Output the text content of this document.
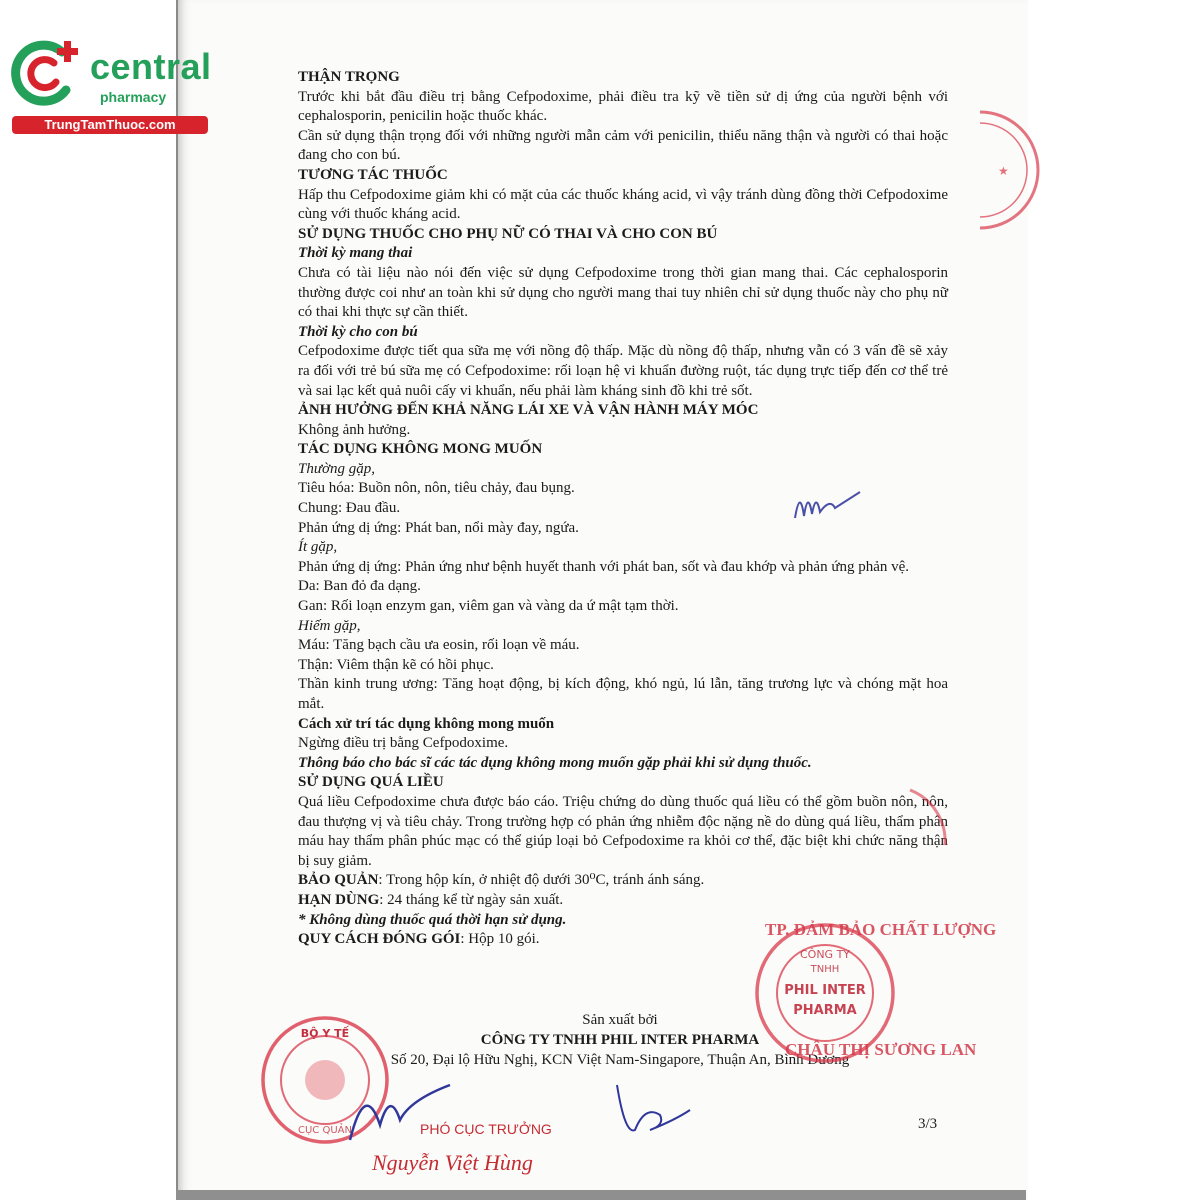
central
pharmacy
TrungTamThuoc.com

THẬN TRỌNG

Trước khi bắt đầu điều trị bằng Cefpodoxime, phải điều tra kỹ về tiền sử dị ứng của người bệnh với cephalosporin, penicilin hoặc thuốc khác.

Cần sử dụng thận trọng đối với những người mẫn cảm với penicilin, thiểu năng thận và người có thai hoặc đang cho con bú.

TƯƠNG TÁC THUỐC

Hấp thu Cefpodoxime giảm khi có mặt của các thuốc kháng acid, vì vậy tránh dùng đồng thời Cefpodoxime cùng với thuốc kháng acid.

SỬ DỤNG THUỐC CHO PHỤ NỮ CÓ THAI VÀ CHO CON BÚ

Thời kỳ mang thai

Chưa có tài liệu nào nói đến việc sử dụng Cefpodoxime trong thời gian mang thai. Các cephalosporin thường được coi như an toàn khi sử dụng cho người mang thai tuy nhiên chỉ sử dụng thuốc này cho phụ nữ có thai khi thực sự cần thiết.

Thời kỳ cho con bú

Cefpodoxime được tiết qua sữa mẹ với nồng độ thấp. Mặc dù nồng độ thấp, nhưng vẫn có 3 vấn đề sẽ xảy ra đối với trẻ bú sữa mẹ có Cefpodoxime: rối loạn hệ vi khuẩn đường ruột, tác dụng trực tiếp đến cơ thể trẻ và sai lạc kết quả nuôi cấy vi khuẩn, nếu phải làm kháng sinh đồ khi trẻ sốt.

ẢNH HƯỞNG ĐẾN KHẢ NĂNG LÁI XE VÀ VẬN HÀNH MÁY MÓC

Không ảnh hưởng.

TÁC DỤNG KHÔNG MONG MUỐN

Thường gặp,

Tiêu hóa: Buồn nôn, nôn, tiêu chảy, đau bụng.

Chung: Đau đầu.

Phản ứng dị ứng: Phát ban, nổi mày đay, ngứa.

Ít gặp,

Phản ứng dị ứng: Phản ứng như bệnh huyết thanh với phát ban, sốt và đau khớp và phản ứng phản vệ.

Da: Ban đỏ đa dạng.

Gan: Rối loạn enzym gan, viêm gan và vàng da ứ mật tạm thời.

Hiếm gặp,

Máu: Tăng bạch cầu ưa eosin, rối loạn về máu.

Thận: Viêm thận kẽ có hồi phục.

Thần kinh trung ương: Tăng hoạt động, bị kích động, khó ngủ, lú lẫn, tăng trương lực và chóng mặt hoa mắt.

Cách xử trí tác dụng không mong muốn

Ngừng điều trị bằng Cefpodoxime.

Thông báo cho bác sĩ các tác dụng không mong muốn gặp phải khi sử dụng thuốc.

SỬ DỤNG QUÁ LIỀU

Quá liều Cefpodoxime chưa được báo cáo. Triệu chứng do dùng thuốc quá liều có thể gồm buồn nôn, nôn, đau thượng vị và tiêu chảy. Trong trường hợp có phản ứng nhiễm độc nặng nề do dùng quá liều, thẩm phân máu hay thẩm phân phúc mạc có thể giúp loại bỏ Cefpodoxime ra khỏi cơ thể, đặc biệt khi chức năng thận bị suy giảm.

BẢO QUẢN: Trong hộp kín, ở nhiệt độ dưới 30⁰C, tránh ánh sáng.

HẠN DÙNG: 24 tháng kể từ ngày sản xuất.

* Không dùng thuốc quá thời hạn sử dụng.

QUY CÁCH ĐÓNG GÓI: Hộp 10 gói.

Sản xuất bởi
CÔNG TY TNHH PHIL INTER PHARMA
Số 20, Đại lộ Hữu Nghị, KCN Việt Nam-Singapore, Thuận An, Bình Dương
3/3
★
TP. ĐẢM BẢO CHẤT LƯỢNG
CHÂU THỊ SƯƠNG LAN
CÔNG TY
TNHH
PHIL INTER
PHARMA
BỘ Y TẾ
CỤC QUẢN	PHÓ CỤC TRƯỞNG
Nguyễn Việt Hùng
